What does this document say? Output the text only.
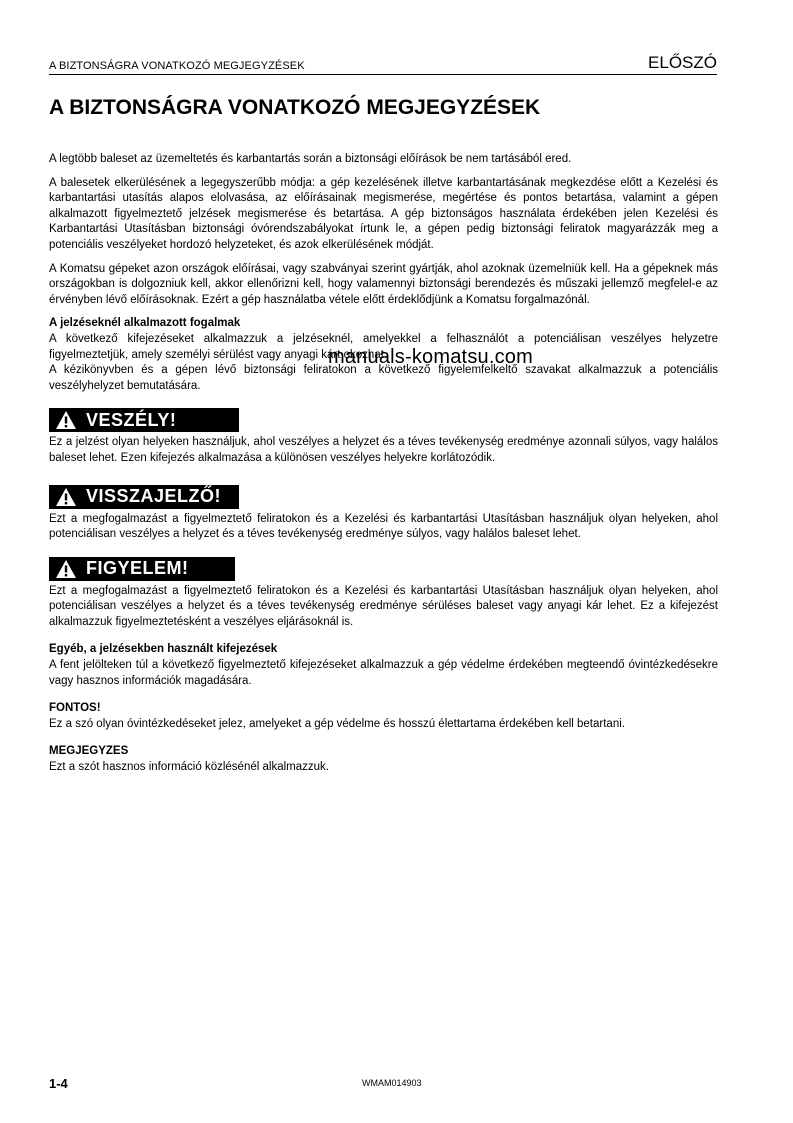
A BIZTONSÁGRA VONATKOZÓ MEGJEGYZÉSEK	ELŐSZÓ
A BIZTONSÁGRA VONATKOZÓ MEGJEGYZÉSEK
manuals-komatsu.com

A legtöbb baleset az üzemeltetés és karbantartás során a biztonsági előírások be nem tartásából ered.

A balesetek elkerülésének a legegyszerűbb módja: a gép kezelésének illetve karbantartásának megkezdése előtt a Kezelési és karbantartási utasítás alapos elolvasása, az előírásainak megismerése, megértése és pontos betartása, valamint a gépen alkalmazott figyelmeztető jelzések megismerése és betartása. A gép biztonságos használata érdekében jelen Kezelési és Karbantartási Utasításban biztonsági óvórendszabályokat írtunk le, a gépen pedig biztonsági feliratok magyarázzák meg a potenciális veszélyeket hordozó helyzeteket, és azok elkerülésének módját.

A Komatsu gépeket azon országok előírásai, vagy szabványai szerint gyártják, ahol azoknak üzemelniük kell. Ha a gépeknek más országokban is dolgozniuk kell, akkor ellenőrizni kell, hogy valamennyi biztonsági berendezés és műszaki jellemző megfelel-e az érvényben lévő előírásoknak. Ezért a gép használatba vétele előtt érdeklődjünk a Komatsu forgalmazónál.

A jelzéseknél alkalmazott fogalmak

A következő kifejezéseket alkalmazzuk a jelzéseknél, amelyekkel a felhasználót a potenciálisan veszélyes helyzetre figyelmeztetjük, amely személyi sérülést vagy anyagi kárt okozhat.

A kézikönyvben és a gépen lévő biztonsági feliratokon a következő figyelemfelkeltő szavakat alkalmazzuk a potenciális veszélyhelyzet bemutatására.

VESZÉLY!

Ez a jelzést olyan helyeken használjuk, ahol veszélyes a helyzet és a téves tevékenység eredménye azonnali súlyos, vagy halálos baleset lehet. Ezen kifejezés alkalmazása a különösen veszélyes helyekre korlátozódik.

VISSZAJELZŐ!

Ezt a megfogalmazást a figyelmeztető feliratokon és a Kezelési és karbantartási Utasításban használjuk olyan helyeken, ahol potenciálisan veszélyes a helyzet és a téves tevékenység eredménye súlyos, vagy halálos baleset lehet.

FIGYELEM!

Ezt a megfogalmazást a figyelmeztető feliratokon és a Kezelési és karbantartási Utasításban használjuk olyan helyeken, ahol potenciálisan veszélyes a helyzet és a téves tevékenység eredménye sérüléses baleset vagy anyagi kár lehet. Ez a kifejezést alkalmazzuk figyelmeztetésként a veszélyes eljárásoknál is.

Egyéb, a jelzésekben használt kifejezések

A fent jelölteken túl a következő figyelmeztető kifejezéseket alkalmazzuk a gép védelme érdekében megteendő óvintézkedésekre vagy hasznos információk magadására.

FONTOS!

Ez a szó olyan óvintézkedéseket jelez, amelyeket a gép védelme és hosszú élettartama érdekében kell betartani.

MEGJEGYZES

Ezt a szót hasznos információ közlésénél alkalmazzuk.

1-4	WMAM014903
